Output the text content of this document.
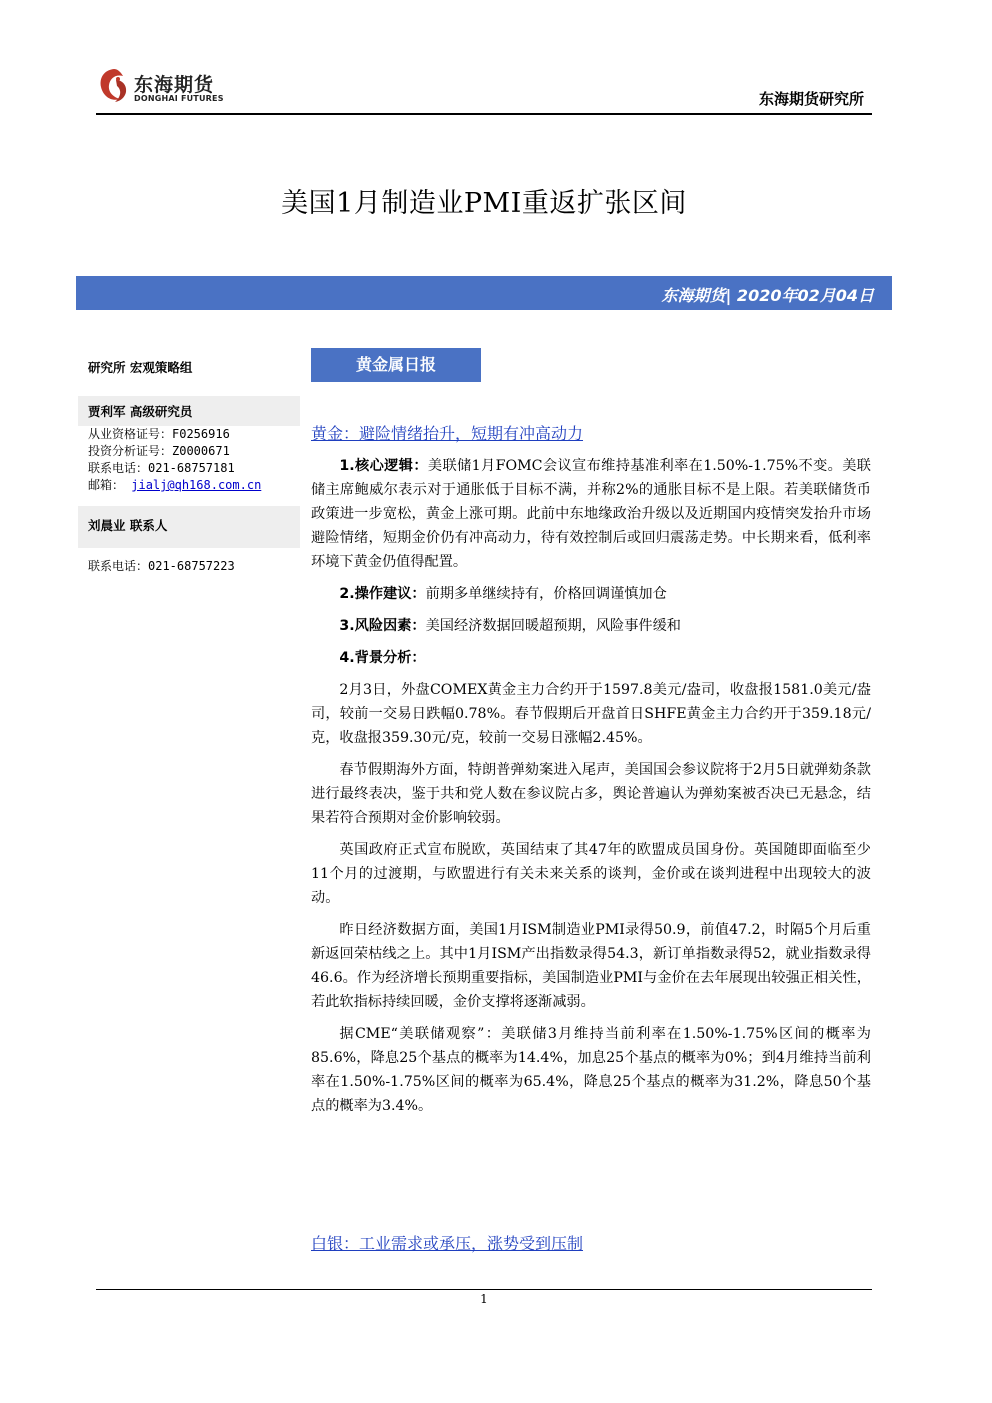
东海期货
DONGHAI FUTURES	东海期货研究所
美国1月制造业PMI重返扩张区间
东海期货| 2020年02月04日
研究所 宏观策略组
贾利军 高级研究员
从业资格证号：F0256916
投资分析证号：Z0000671
联系电话：021-68757181
邮箱： jialj@qh168.com.cn
刘晨业 联系人
联系电话：021-68757223
黄金属日报
黄金：避险情绪抬升，短期有冲高动力

1.核心逻辑：美联储1月FOMC会议宣布维持基准利率在1.50%-1.75%不变。美联储主席鲍威尔表示对于通胀低于目标不满，并称2%的通胀目标不是上限。若美联储货币政策进一步宽松，黄金上涨可期。此前中东地缘政治升级以及近期国内疫情突发抬升市场避险情绪，短期金价仍有冲高动力，待有效控制后或回归震荡走势。中长期来看，低利率环境下黄金仍值得配置。

2.操作建议：前期多单继续持有，价格回调谨慎加仓

3.风险因素：美国经济数据回暖超预期，风险事件缓和

4.背景分析：

2月3日，外盘COMEX黄金主力合约开于1597.8美元/盎司，收盘报1581.0美元/盎司，较前一交易日跌幅0.78%。春节假期后开盘首日SHFE黄金主力合约开于359.18元/克，收盘报359.30元/克，较前一交易日涨幅2.45%。

春节假期海外方面，特朗普弹劾案进入尾声，美国国会参议院将于2月5日就弹劾条款进行最终表决，鉴于共和党人数在参议院占多，舆论普遍认为弹劾案被否决已无悬念，结果若符合预期对金价影响较弱。

英国政府正式宣布脱欧，英国结束了其47年的欧盟成员国身份。英国随即面临至少11个月的过渡期，与欧盟进行有关未来关系的谈判，金价或在谈判进程中出现较大的波动。

昨日经济数据方面，美国1月ISM制造业PMI录得50.9，前值47.2，时隔5个月后重新返回荣枯线之上。其中1月ISM产出指数录得54.3，新订单指数录得52，就业指数录得46.6。作为经济增长预期重要指标，美国制造业PMI与金价在去年展现出较强正相关性，若此软指标持续回暖，金价支撑将逐渐减弱。

据CME“美联储观察”：美联储3月维持当前利率在1.50%-1.75%区间的概率为85.6%，降息25个基点的概率为14.4%，加息25个基点的概率为0%；到4月维持当前利率在1.50%-1.75%区间的概率为65.4%，降息25个基点的概率为31.2%，降息50个基点的概率为3.4%。

白银：工业需求或承压，涨势受到压制
1
